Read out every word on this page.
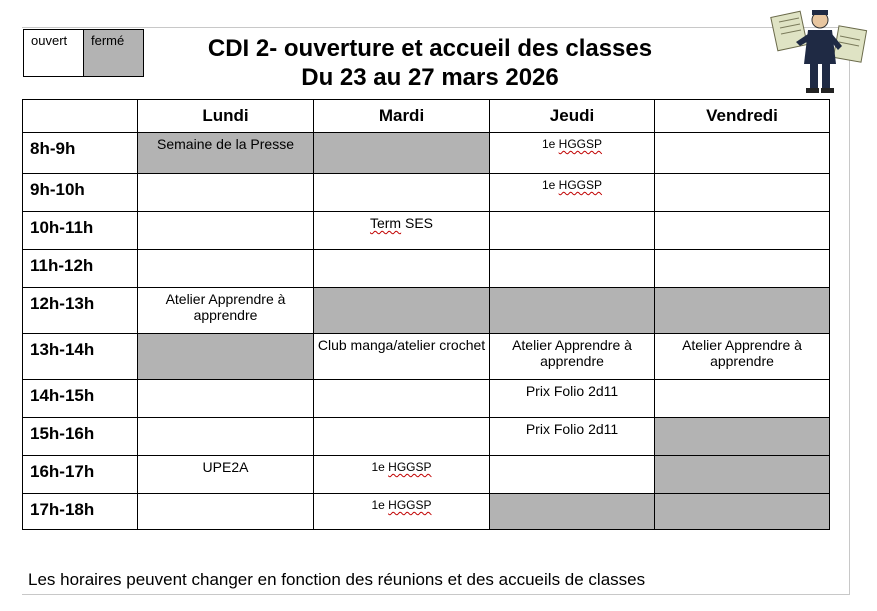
ouvert	fermé	CDI 2- ouverture et accueil des classes
Du 23 au 27 mars 2026
	Lundi	Mardi	Jeudi	Vendredi
8h-9h	Semaine de la Presse		1e HGGSP	
9h-10h			1e HGGSP	
10h-11h		Term SES		
11h-12h				
12h-13h	Atelier Apprendre à apprendre			
13h-14h		Club manga/atelier crochet	Atelier Apprendre à apprendre	Atelier Apprendre à apprendre
14h-15h			Prix Folio 2d11	
15h-16h			Prix Folio 2d11	
16h-17h	UPE2A	1e HGGSP		
17h-18h		1e HGGSP		
Les horaires peuvent changer en fonction des réunions et des accueils de classes
